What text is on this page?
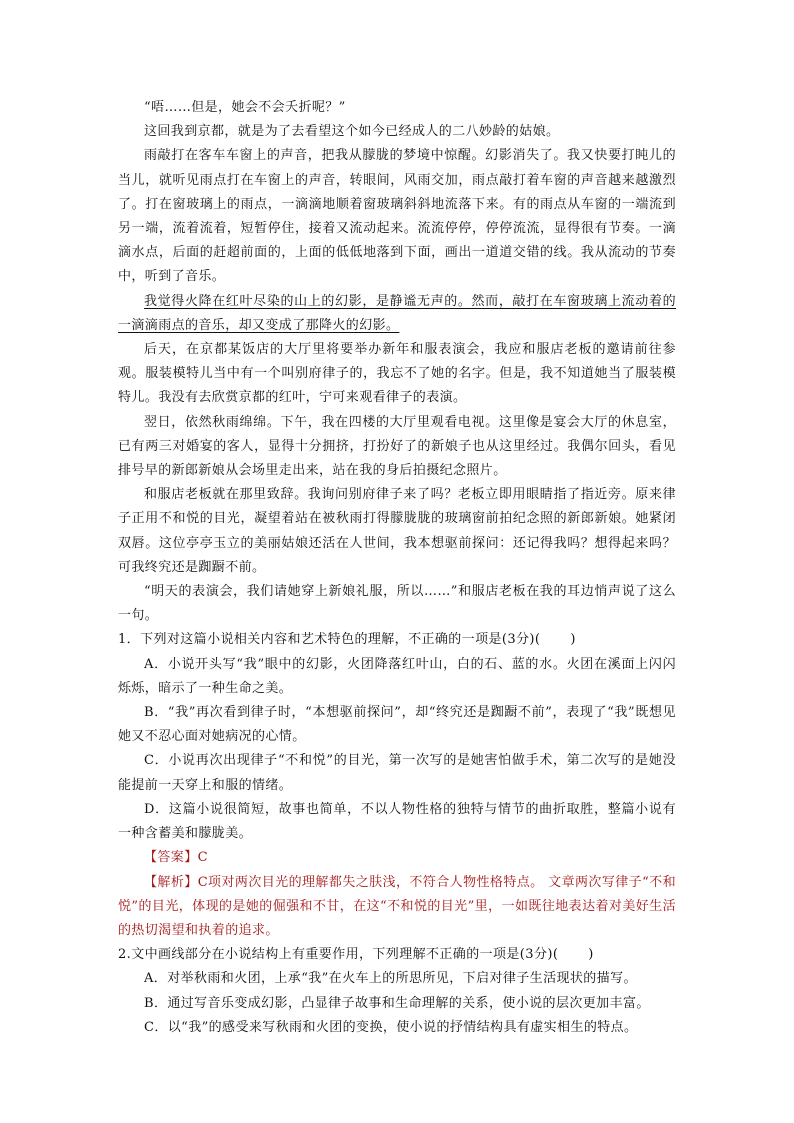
“唔……但是，她会不会夭折呢？”

这回我到京都，就是为了去看望这个如今已经成人的二八妙龄的姑娘。

雨敲打在客车车窗上的声音，把我从朦胧的梦境中惊醒。幻影消失了。我又快要打盹儿的当儿，就听见雨点打在车窗上的声音，转眼间，风雨交加，雨点敲打着车窗的声音越来越激烈了。打在窗玻璃上的雨点，一滴滴地顺着窗玻璃斜斜地流落下来。有的雨点从车窗的一端流到另一端，流着流着，短暂停住，接着又流动起来。流流停停，停停流流，显得很有节奏。一滴滴水点，后面的赶超前面的，上面的低低地落到下面，画出一道道交错的线。我从流动的节奏中，听到了音乐。

我觉得火降在红叶尽染的山上的幻影，是静谧无声的。然而，敲打在车窗玻璃上流动着的一滴滴雨点的音乐，却又变成了那降火的幻影。

后天，在京都某饭店的大厅里将要举办新年和服表演会，我应和服店老板的邀请前往参观。服装模特儿当中有一个叫别府律子的，我忘不了她的名字。但是，我不知道她当了服装模特儿。我没有去欣赏京都的红叶，宁可来观看律子的表演。

翌日，依然秋雨绵绵。下午，我在四楼的大厅里观看电视。这里像是宴会大厅的休息室，已有两三对婚宴的客人，显得十分拥挤，打扮好了的新娘子也从这里经过。我偶尔回头，看见排号早的新郎新娘从会场里走出来，站在我的身后拍摄纪念照片。

和服店老板就在那里致辞。我询问别府律子来了吗？老板立即用眼睛指了指近旁。原来律子正用不和悦的目光，凝望着站在被秋雨打得朦胧胧的玻璃窗前拍纪念照的新郎新娘。她紧闭双唇。这位亭亭玉立的美丽姑娘还活在人世间，我本想驱前探问：还记得我吗？想得起来吗？可我终究还是踟蹰不前。

“明天的表演会，我们请她穿上新娘礼服，所以……”和服店老板在我的耳边悄声说了这么一句。

1．下列对这篇小说相关内容和艺术特色的理解，不正确的一项是(3分)( )

A．小说开头写“我”眼中的幻影，火团降落红叶山，白的石、蓝的水。火团在溪面上闪闪烁烁，暗示了一种生命之美。

B．“我”再次看到律子时，“本想驱前探问”，却“终究还是踟蹰不前”，表现了“我”既想见她又不忍心面对她病况的心情。

C．小说再次出现律子“不和悦”的目光，第一次写的是她害怕做手术，第二次写的是她没能提前一天穿上和服的情绪。

D．这篇小说很简短，故事也简单，不以人物性格的独特与情节的曲折取胜，整篇小说有一种含蓄美和朦胧美。

【答案】C

【解析】C项对两次目光的理解都失之肤浅，不符合人物性格特点。 文章两次写律子“不和悦”的目光，体现的是她的倔强和不甘，在这“不和悦的目光”里，一如既往地表达着对美好生活的热切渴望和执着的追求。

2.文中画线部分在小说结构上有重要作用，下列理解不正确的一项是(3分)( )

A．对举秋雨和火团，上承“我”在火车上的所思所见，下启对律子生活现状的描写。

B．通过写音乐变成幻影，凸显律子故事和生命理解的关系，使小说的层次更加丰富。

C．以“我”的感受来写秋雨和火团的变换，使小说的抒情结构具有虚实相生的特点。
